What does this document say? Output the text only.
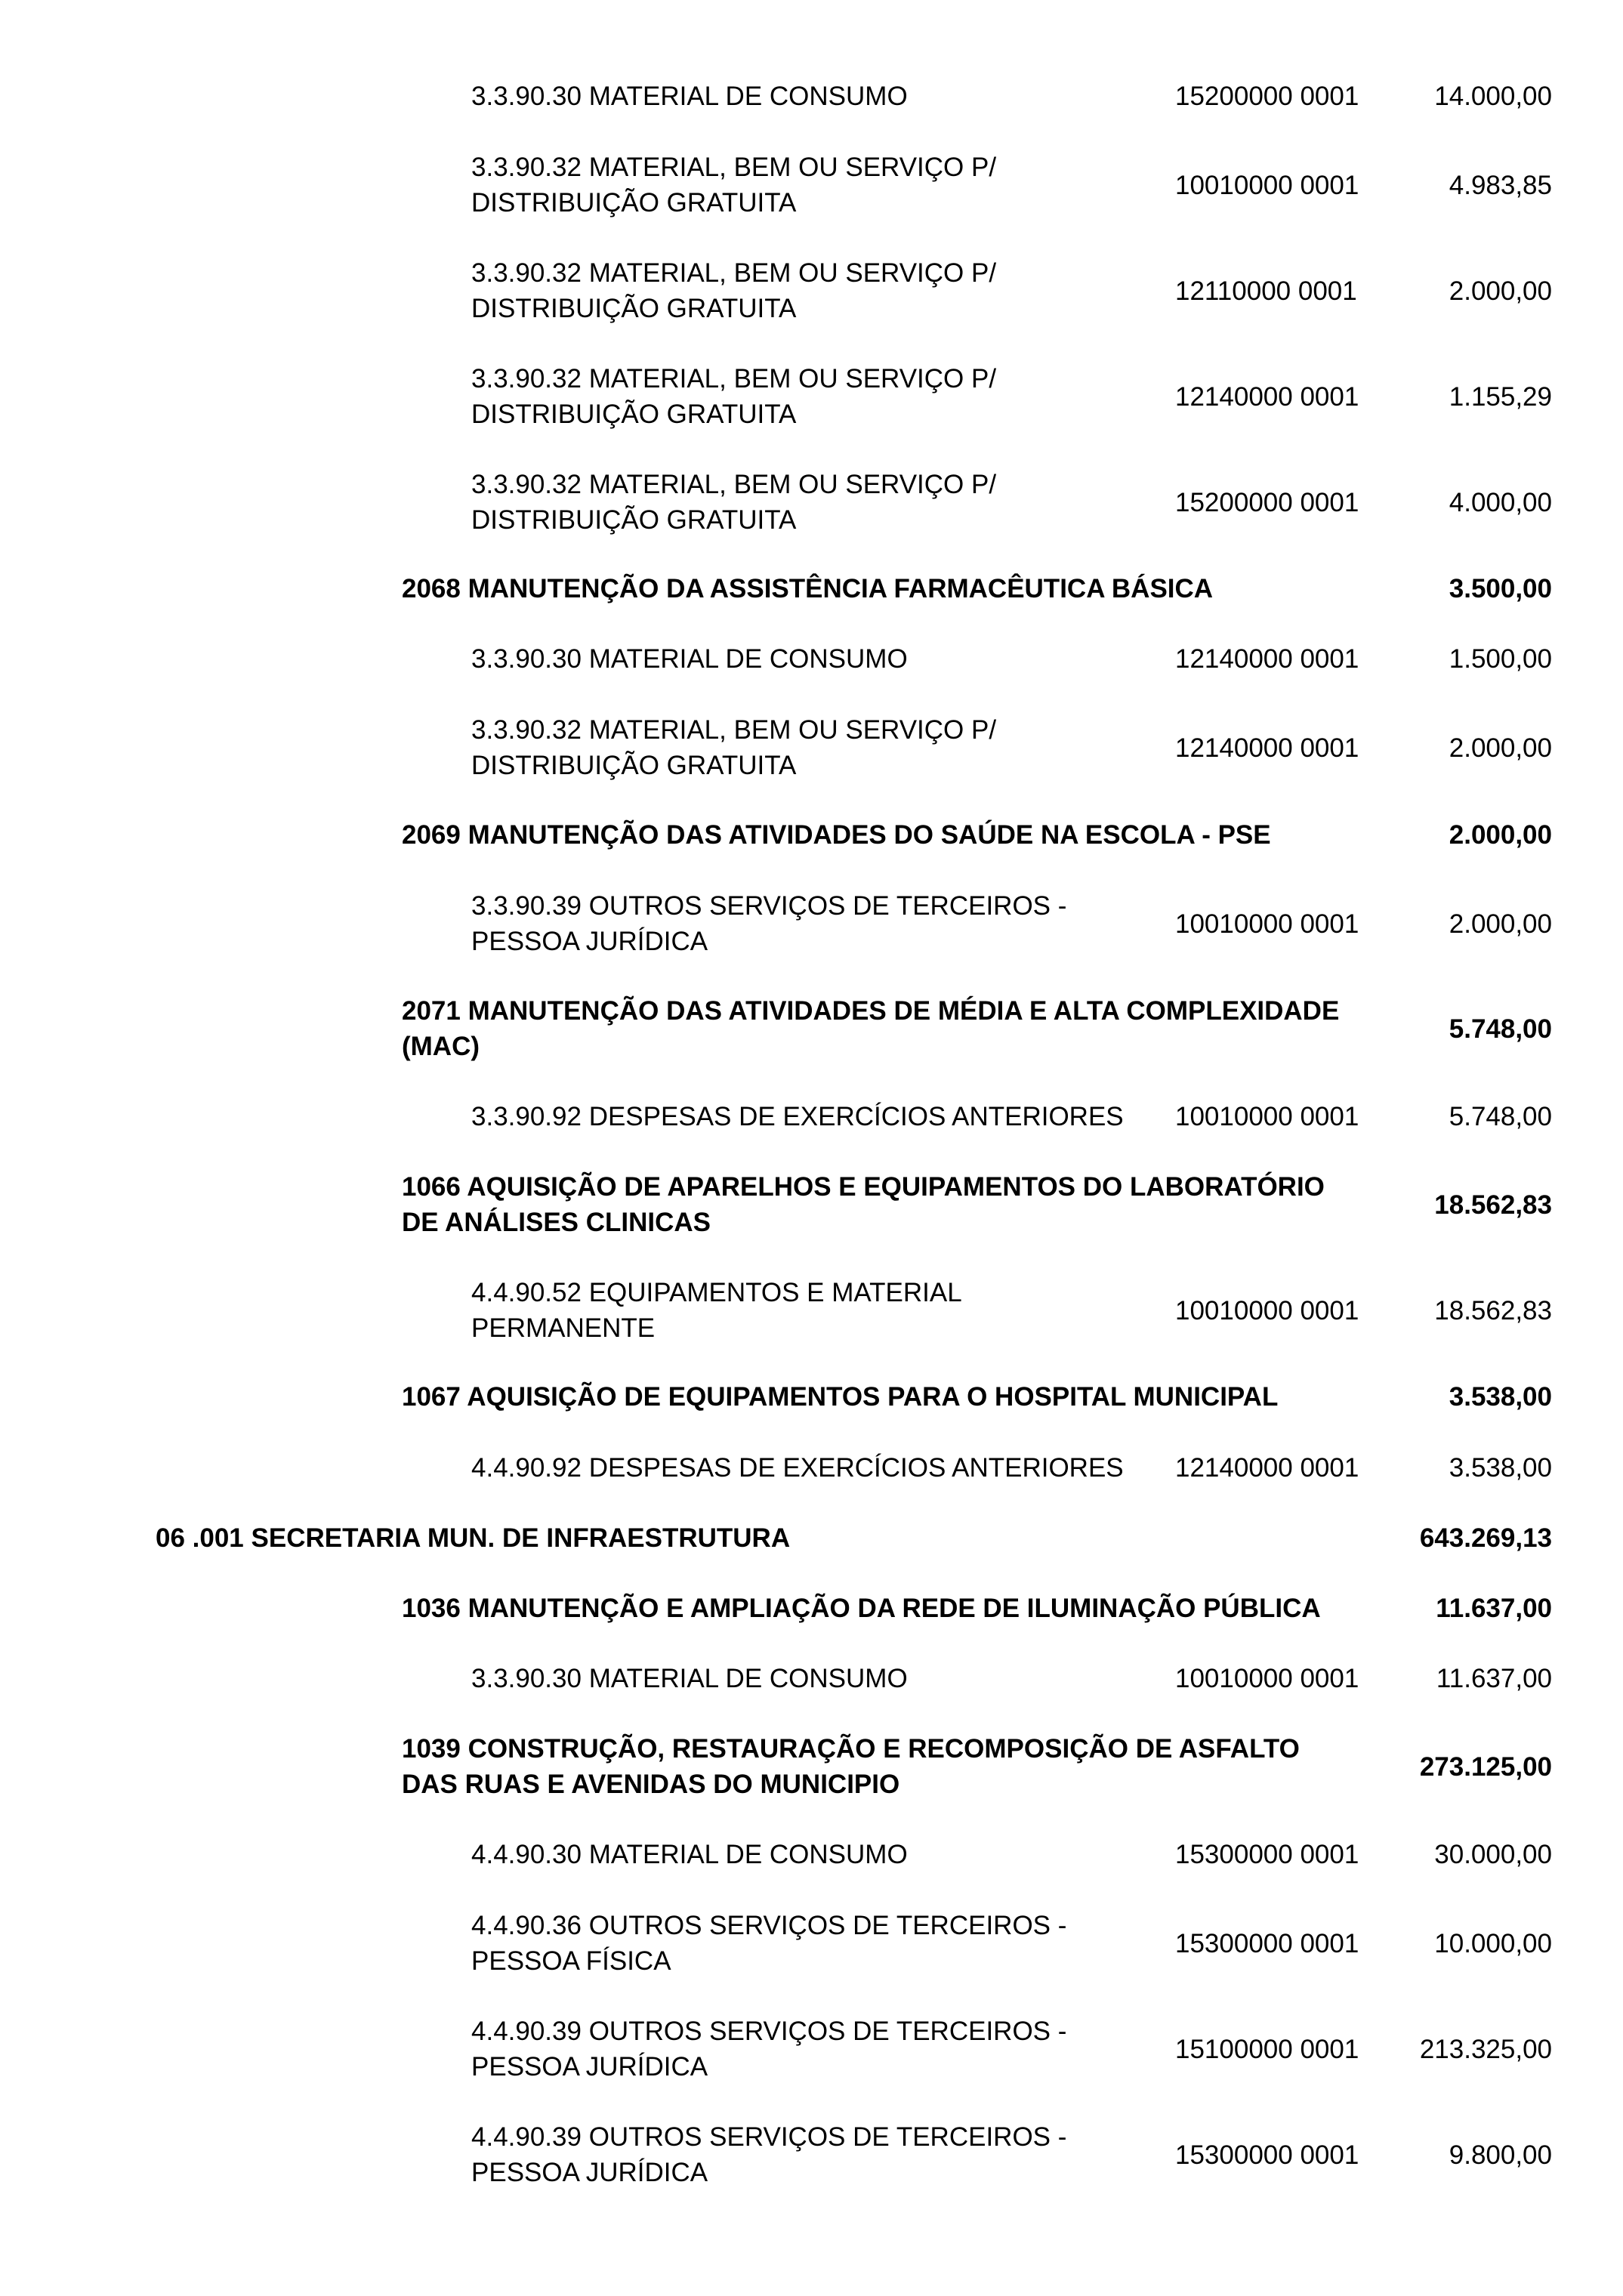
3.3.90.30 MATERIAL DE CONSUMO	15200000 0001	14.000,00
3.3.90.32 MATERIAL, BEM OU SERVIÇO P/
DISTRIBUIÇÃO GRATUITA
10010000 0001	4.983,85
3.3.90.32 MATERIAL, BEM OU SERVIÇO P/
DISTRIBUIÇÃO GRATUITA
12110000 0001	2.000,00
3.3.90.32 MATERIAL, BEM OU SERVIÇO P/
DISTRIBUIÇÃO GRATUITA
12140000 0001	1.155,29
3.3.90.32 MATERIAL, BEM OU SERVIÇO P/
DISTRIBUIÇÃO GRATUITA
15200000 0001	4.000,00
2068 MANUTENÇÃO DA ASSISTÊNCIA FARMACÊUTICA BÁSICA	3.500,00
3.3.90.30 MATERIAL DE CONSUMO	12140000 0001	1.500,00
3.3.90.32 MATERIAL, BEM OU SERVIÇO P/
DISTRIBUIÇÃO GRATUITA
12140000 0001	2.000,00
2069 MANUTENÇÃO DAS ATIVIDADES DO SAÚDE NA ESCOLA - PSE	2.000,00
3.3.90.39 OUTROS SERVIÇOS DE TERCEIROS -
PESSOA JURÍDICA
10010000 0001	2.000,00
2071 MANUTENÇÃO DAS ATIVIDADES DE MÉDIA E ALTA COMPLEXIDADE
(MAC)
5.748,00
3.3.90.92 DESPESAS DE EXERCÍCIOS ANTERIORES	10010000 0001	5.748,00
1066 AQUISIÇÃO DE APARELHOS E EQUIPAMENTOS DO LABORATÓRIO
DE ANÁLISES CLINICAS
18.562,83
4.4.90.52 EQUIPAMENTOS E MATERIAL
PERMANENTE
10010000 0001	18.562,83
1067 AQUISIÇÃO DE EQUIPAMENTOS PARA O HOSPITAL MUNICIPAL	3.538,00
4.4.90.92 DESPESAS DE EXERCÍCIOS ANTERIORES	12140000 0001	3.538,00
06 .001 SECRETARIA MUN. DE INFRAESTRUTURA	643.269,13
1036 MANUTENÇÃO E AMPLIAÇÃO DA REDE DE ILUMINAÇÃO PÚBLICA	11.637,00
3.3.90.30 MATERIAL DE CONSUMO	10010000 0001	11.637,00
1039 CONSTRUÇÃO, RESTAURAÇÃO E RECOMPOSIÇÃO DE ASFALTO
DAS RUAS E AVENIDAS DO MUNICIPIO
273.125,00
4.4.90.30 MATERIAL DE CONSUMO	15300000 0001	30.000,00
4.4.90.36 OUTROS SERVIÇOS DE TERCEIROS -
PESSOA FÍSICA
15300000 0001	10.000,00
4.4.90.39 OUTROS SERVIÇOS DE TERCEIROS -
PESSOA JURÍDICA
15100000 0001	213.325,00
4.4.90.39 OUTROS SERVIÇOS DE TERCEIROS -
PESSOA JURÍDICA
15300000 0001	9.800,00
